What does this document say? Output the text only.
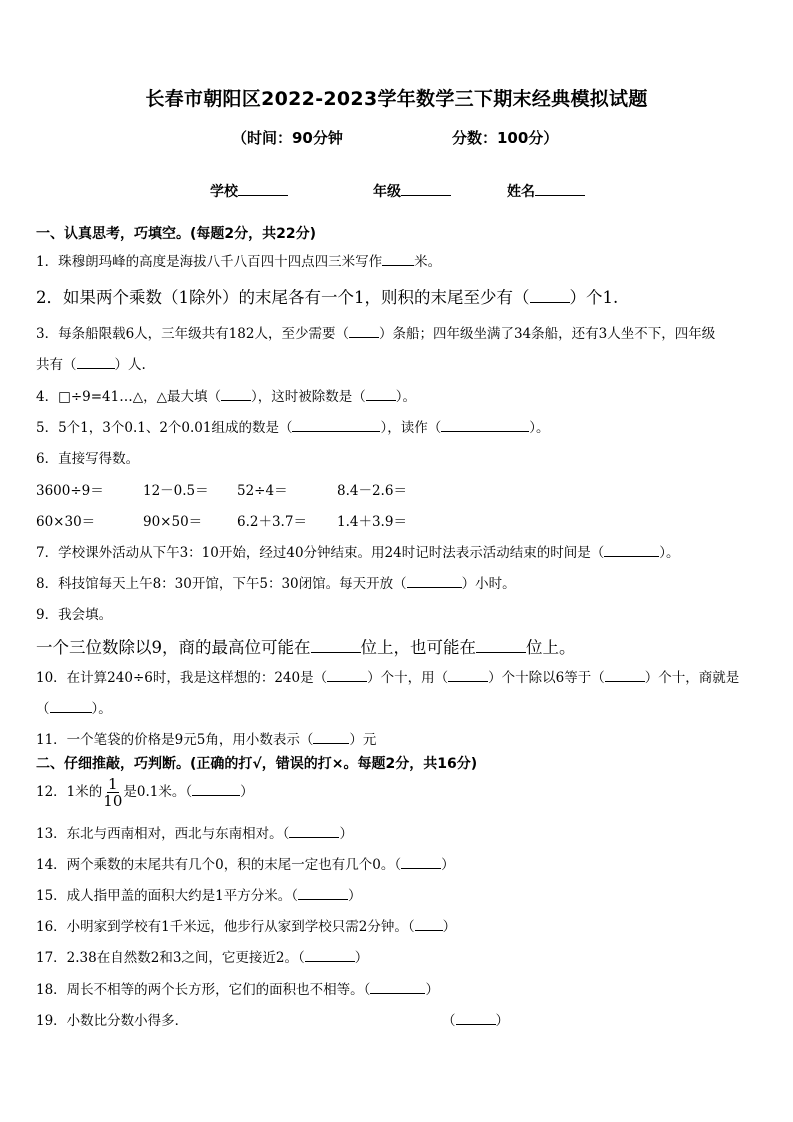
长春市朝阳区2022-2023学年数学三下期末经典模拟试题
（时间：90分钟	分数：100分）
学校	年级	姓名
一、认真思考，巧填空。(每题2分，共22分)
1．珠穆朗玛峰的高度是海拔八千八百四十四点四三米写作 米。
2．如果两个乘数（1除外）的末尾各有一个1，则积的末尾至少有（ ）个1.
3．每条船限载6人，三年级共有182人，至少需要（ ）条船；四年级坐满了34条船，还有3人坐不下，四年级
共有（	）人.
4．□÷9=41…△，△最大填（ ），这时被除数是（ ）。
5．5个1，3个0.1、2个0.01组成的数是（	），读作（	）。
6．直接写得数。
3600÷9＝	12－0.5＝ 52÷4＝	8.4－2.6＝
60×30＝	90×50＝	6.2＋3.7＝ 1.4＋3.9＝
7．学校课外活动从下午3：10开始，经过40分钟结束。用24时记时法表示活动结束的时间是（	）。
8．科技馆每天上午8：30开馆，下午5：30闭馆。每天开放（	）小时。
9．我会填。
一个三位数除以9，商的最高位可能在	位上，也可能在	位上。
10．在计算240÷6时，我是这样想的：240是（	）个十，用（	）个十除以6等于（	）个十，商就是
（	）。
11．一个笔袋的价格是9元5角，用小数表示（	）元
二、仔细推敲，巧判断。(正确的打√，错误的打×。每题2分，共16分)
12．1米的 $\frac{1}{10}$ 是0.1米。（	）
13．东北与西南相对，西北与东南相对。（	）
14．两个乘数的末尾共有几个0，积的末尾一定也有几个0。（	）
15．成人指甲盖的面积大约是1平方分米。（	）
16．小明家到学校有1千米远，他步行从家到学校只需2分钟。（ ）
17．2.38在自然数2和3之间，它更接近2。（	）
18．周长不相等的两个长方形，它们的面积也不相等。（	）
19．小数比分数小得多．	（	）
